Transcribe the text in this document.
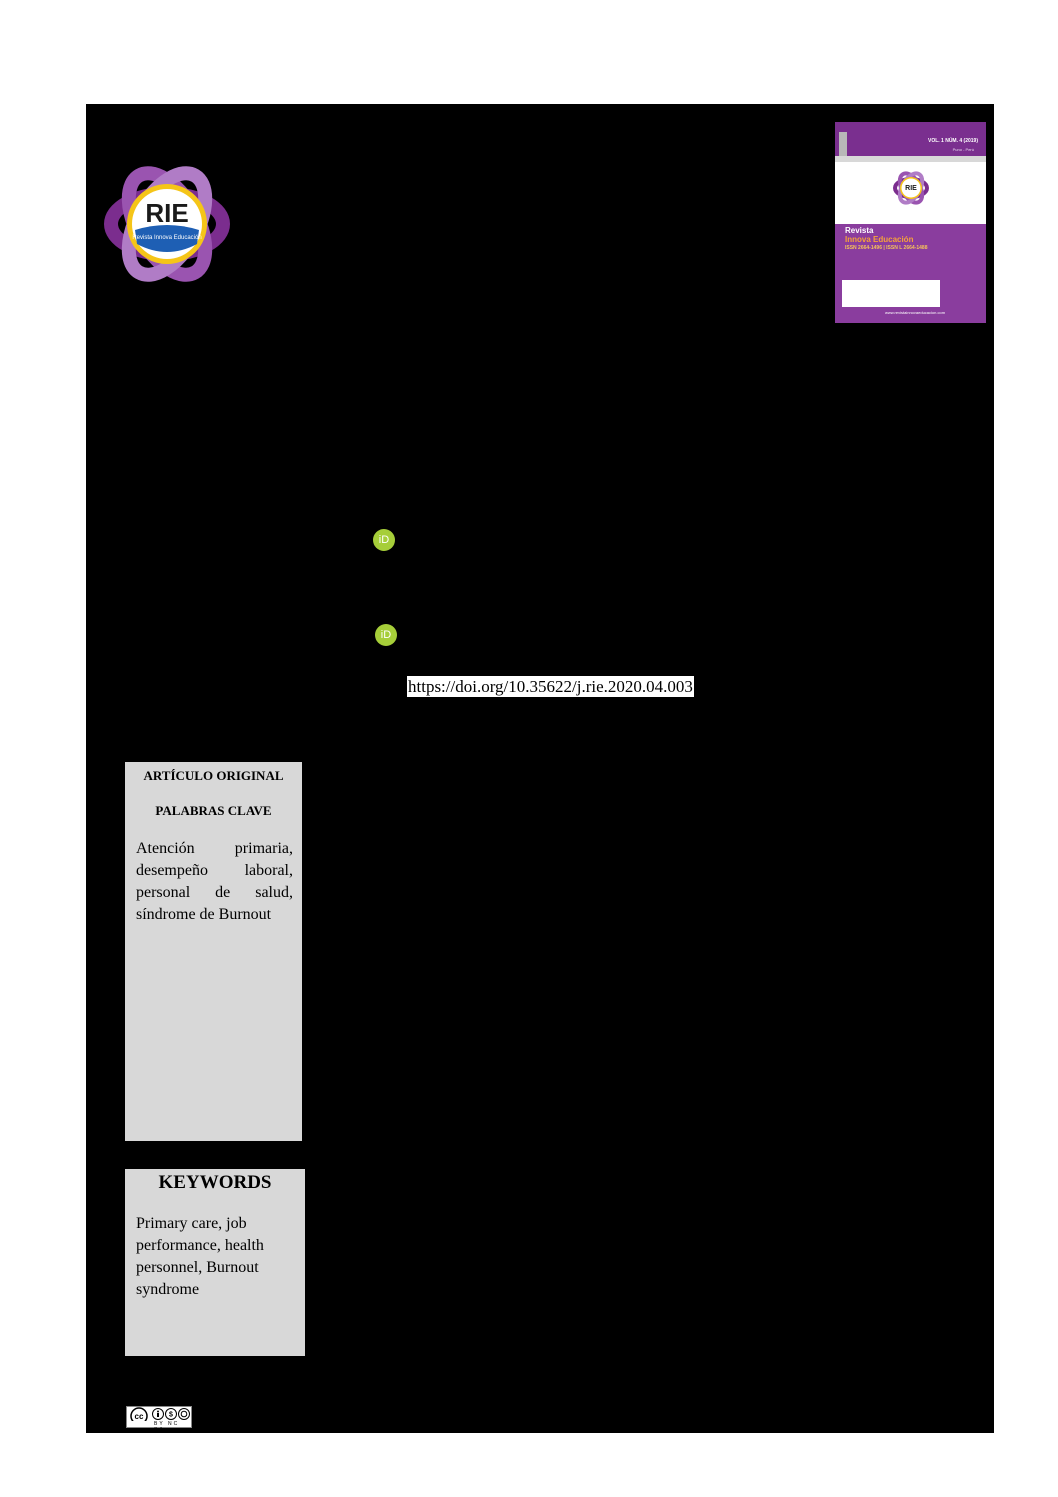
RIE
Revista Innova Educación
VOL. 1 NÚM. 4 (2019)
Puno - Perú
RIE
Revista
Innova Educación
ISSN 2664-1496 | ISSN L 2664-1488
www.revistainnovaeducacion.com
iD
iD
https://doi.org/10.35622/j.rie.2020.04.003
ARTÍCULO ORIGINAL
PALABRAS CLAVE
Atención primaria, desempeño laboral, personal de salud, síndrome de Burnout
KEYWORDS
Primary care, job performance, health personnel, Burnout syndrome
cc	$
BY NC SA
